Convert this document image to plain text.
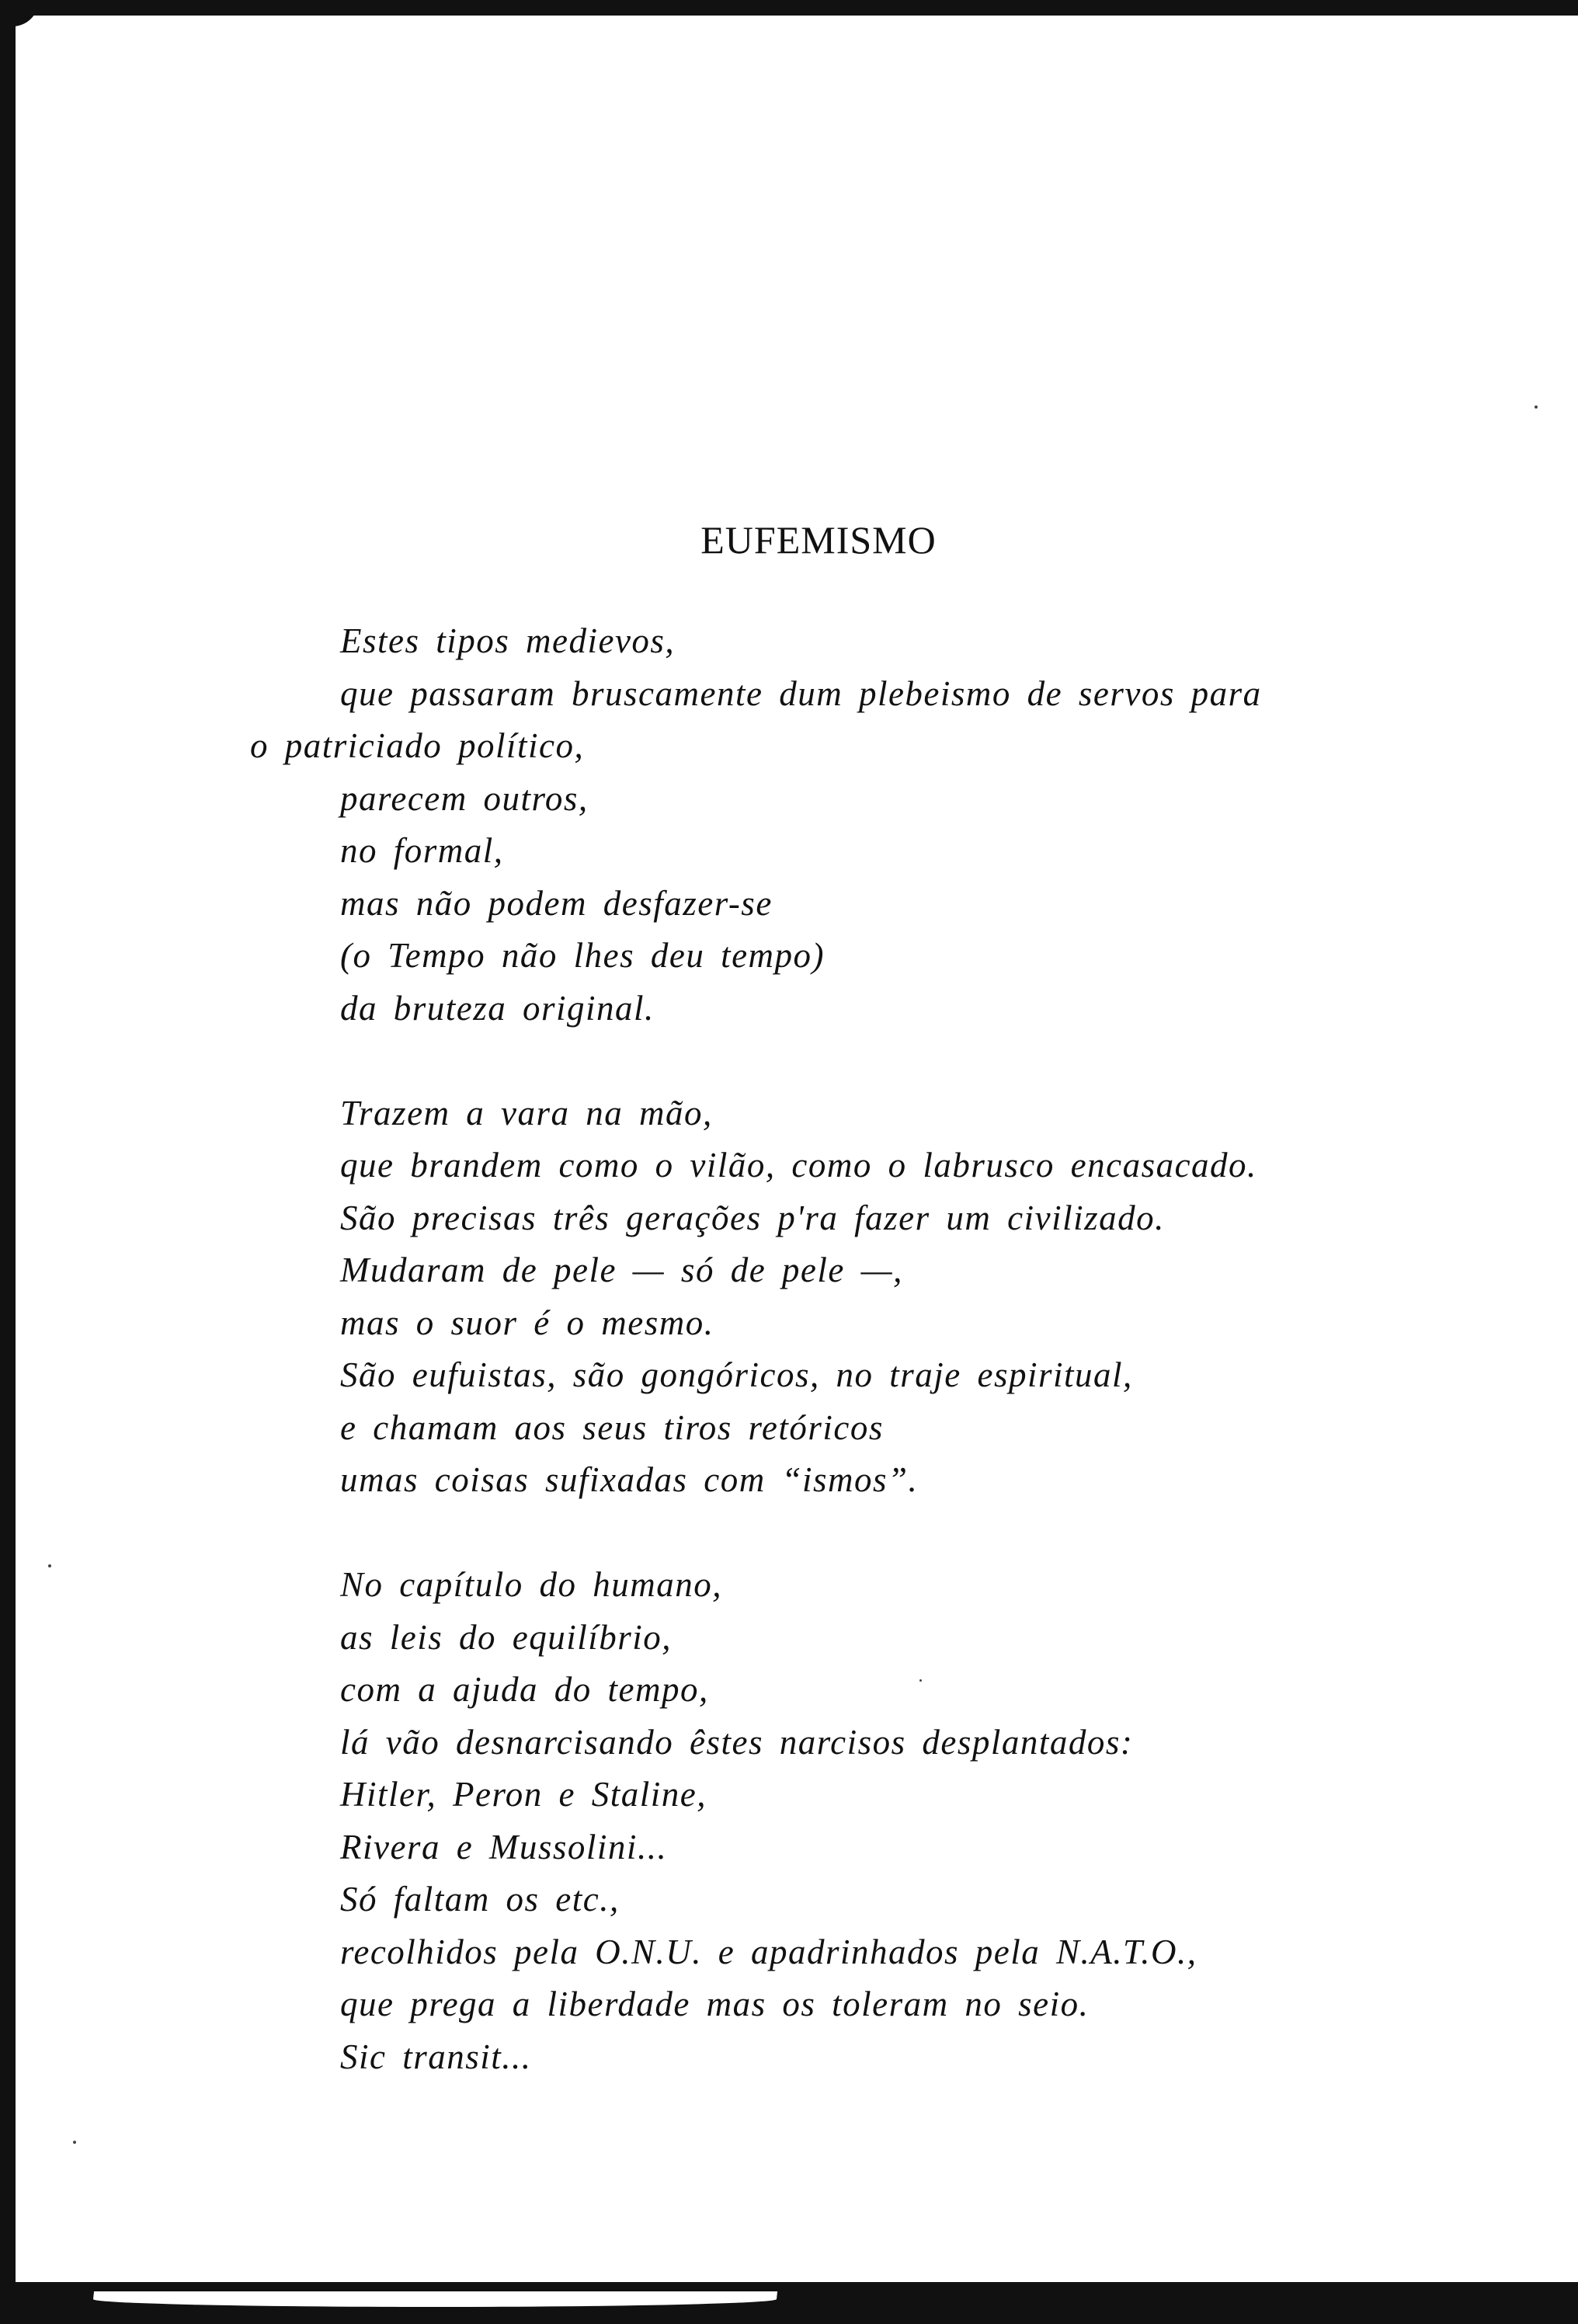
EUFEMISMO
Estes tipos medievos,
que passaram bruscamente dum plebeismo de servos para
o patriciado político,
parecem outros,
no formal,
mas não podem desfazer-se
(o Tempo não lhes deu tempo)
da bruteza original.
Trazem a vara na mão,
que brandem como o vilão, como o labrusco encasacado.
São precisas três gerações p'ra fazer um civilizado.
Mudaram de pele — só de pele —,
mas o suor é o mesmo.
São eufuistas, são gongóricos, no traje espiritual,
e chamam aos seus tiros retóricos
umas coisas sufixadas com “ismos”.
No capítulo do humano,
as leis do equilíbrio,
com a ajuda do tempo,
lá vão desnarcisando êstes narcisos desplantados:
Hitler, Peron e Staline,
Rivera e Mussolini...
Só faltam os etc.,
recolhidos pela O.N.U. e apadrinhados pela N.A.T.O.,
que prega a liberdade mas os toleram no seio.
Sic transit...
